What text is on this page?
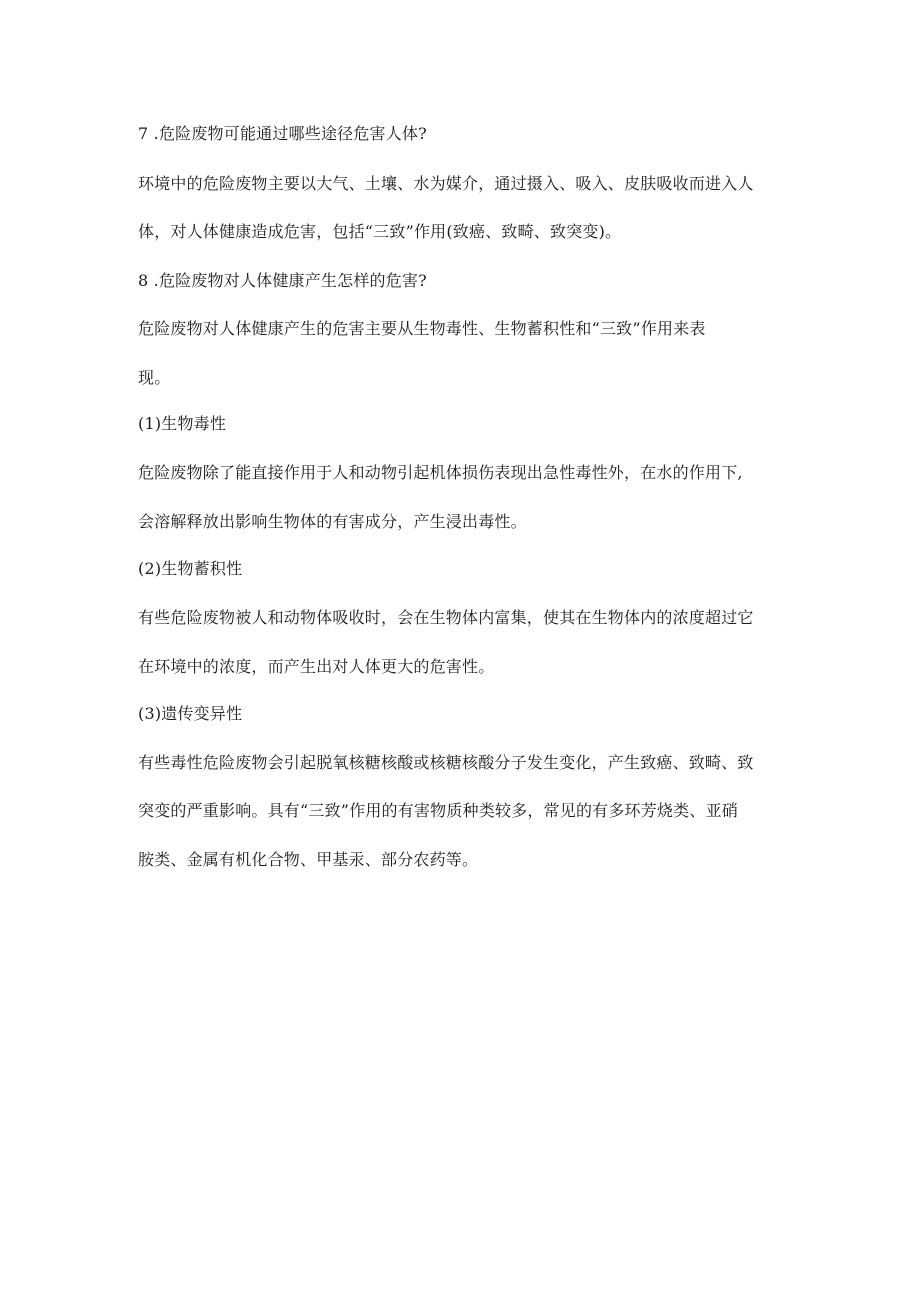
7 .危险废物可能通过哪些途径危害人体?
环境中的危险废物主要以大气、土壤、水为媒介，通过摄入、吸入、皮肤吸收而进入人
体，对人体健康造成危害，包括“三致”作用(致癌、致畸、致突变)。
8 .危险废物对人体健康产生怎样的危害?
危险废物对人体健康产生的危害主要从生物毒性、生物蓄积性和“三致”作用来表
现。
(1)生物毒性
危险废物除了能直接作用于人和动物引起机体损伤表现出急性毒性外，在水的作用下,
会溶解释放出影响生物体的有害成分，产生浸出毒性。
(2)生物蓄积性
有些危险废物被人和动物体吸收时，会在生物体内富集，使其在生物体内的浓度超过它
在环境中的浓度，而产生出对人体更大的危害性。
(3)遗传变异性
有些毒性危险废物会引起脱氧核糖核酸或核糖核酸分子发生变化，产生致癌、致畸、致
突变的严重影响。具有“三致”作用的有害物质种类较多，常见的有多环芳烧类、亚硝
胺类、金属有机化合物、甲基汞、部分农药等。
